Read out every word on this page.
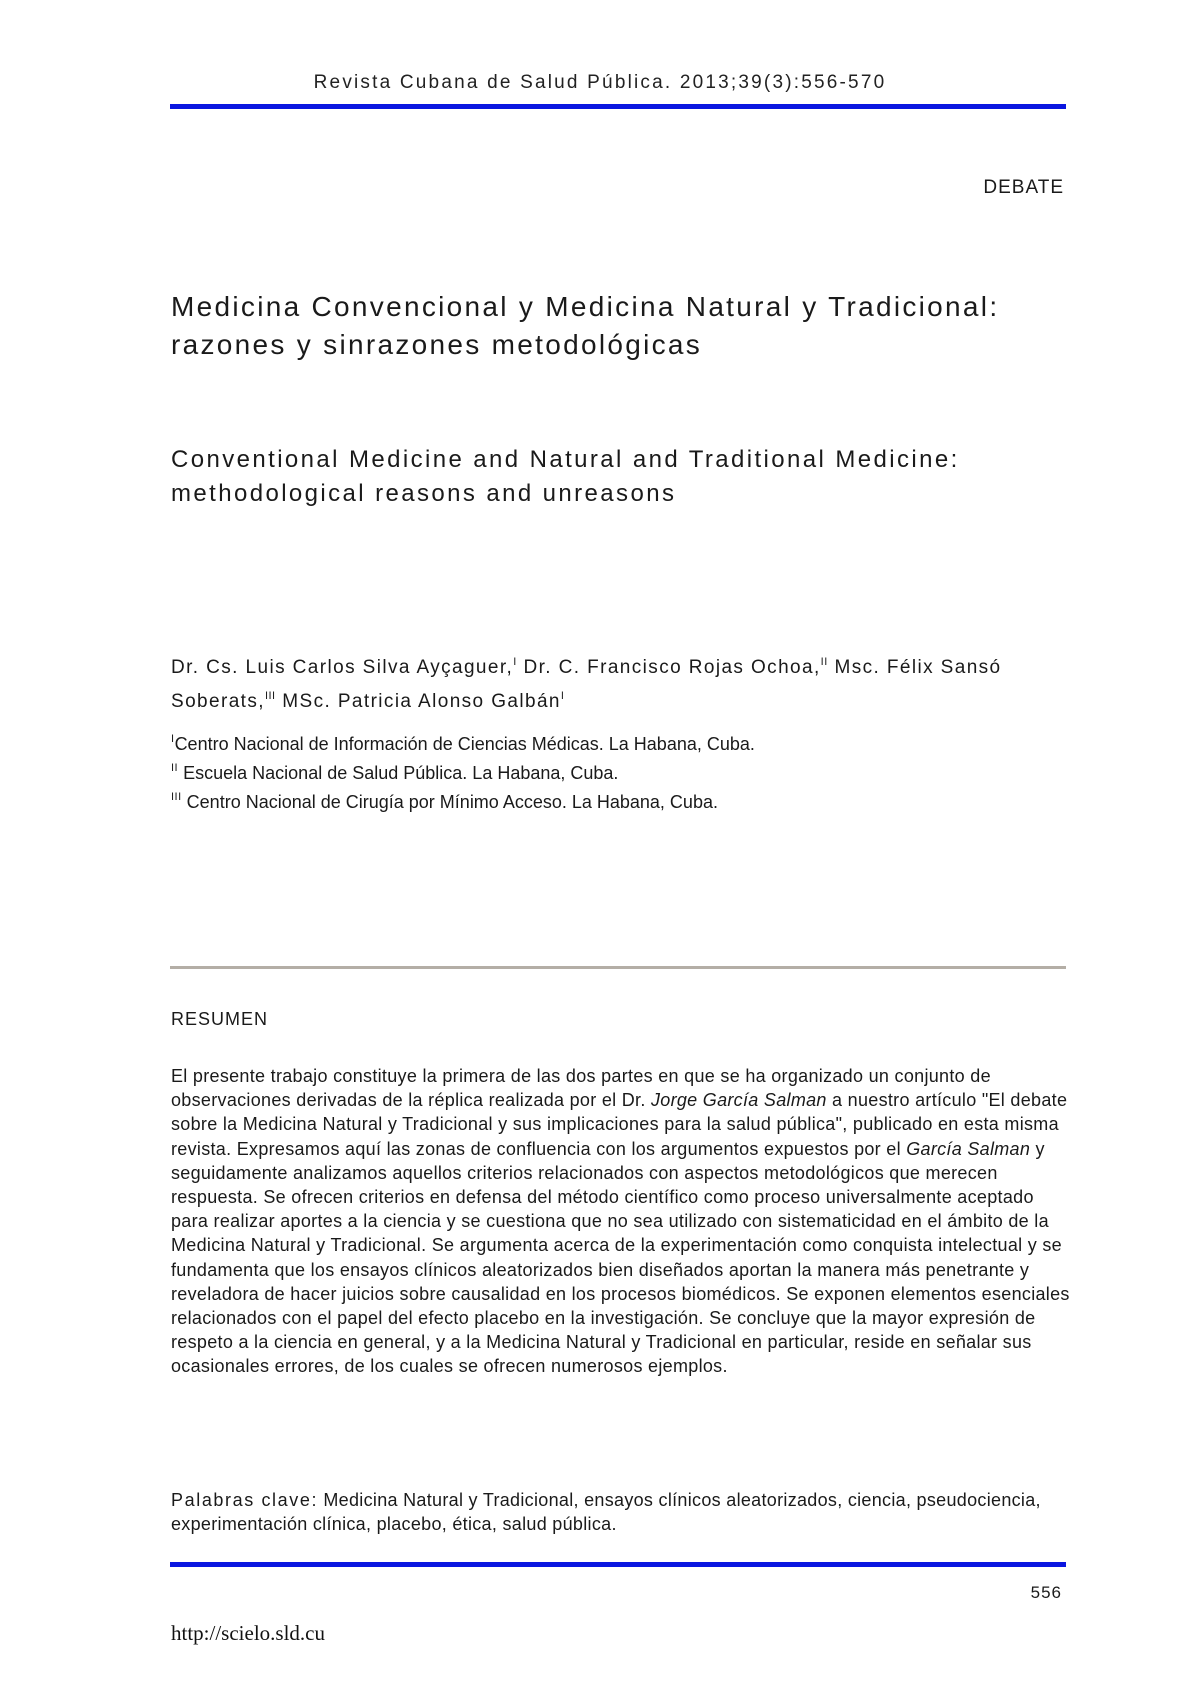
Revista Cubana de Salud Pública. 2013;39(3):556-570
DEBATE
Medicina Convencional y Medicina Natural y Tradicional:
razones y sinrazones metodológicas
Conventional Medicine and Natural and Traditional Medicine:
methodological reasons and unreasons
Dr. Cs. Luis Carlos Silva Ayçaguer,$^I$ Dr. C. Francisco Rojas Ochoa,$^{II}$ Msc. Félix Sansó Soberats,$^{III}$ MSc. Patricia Alonso Galbán$^I$
$^I$Centro Nacional de Información de Ciencias Médicas. La Habana, Cuba.
$^{II}$ Escuela Nacional de Salud Pública. La Habana, Cuba.
$^{III}$ Centro Nacional de Cirugía por Mínimo Acceso. La Habana, Cuba.
RESUMEN

El presente trabajo constituye la primera de las dos partes en que se ha organizado un conjunto de observaciones derivadas de la réplica realizada por el Dr. Jorge García Salman a nuestro artículo "El debate sobre la Medicina Natural y Tradicional y sus implicaciones para la salud pública", publicado en esta misma revista. Expresamos aquí las zonas de confluencia con los argumentos expuestos por el García Salman y seguidamente analizamos aquellos criterios relacionados con aspectos metodológicos que merecen respuesta. Se ofrecen criterios en defensa del método científico como proceso universalmente aceptado para realizar aportes a la ciencia y se cuestiona que no sea utilizado con sistematicidad en el ámbito de la Medicina Natural y Tradicional. Se argumenta acerca de la experimentación como conquista intelectual y se fundamenta que los ensayos clínicos aleatorizados bien diseñados aportan la manera más penetrante y reveladora de hacer juicios sobre causalidad en los procesos biomédicos. Se exponen elementos esenciales relacionados con el papel del efecto placebo en la investigación. Se concluye que la mayor expresión de respeto a la ciencia en general, y a la Medicina Natural y Tradicional en particular, reside en señalar sus ocasionales errores, de los cuales se ofrecen numerosos ejemplos.

Palabras clave: Medicina Natural y Tradicional, ensayos clínicos aleatorizados, ciencia, pseudociencia, experimentación clínica, placebo, ética, salud pública.

556
http://scielo.sld.cu
